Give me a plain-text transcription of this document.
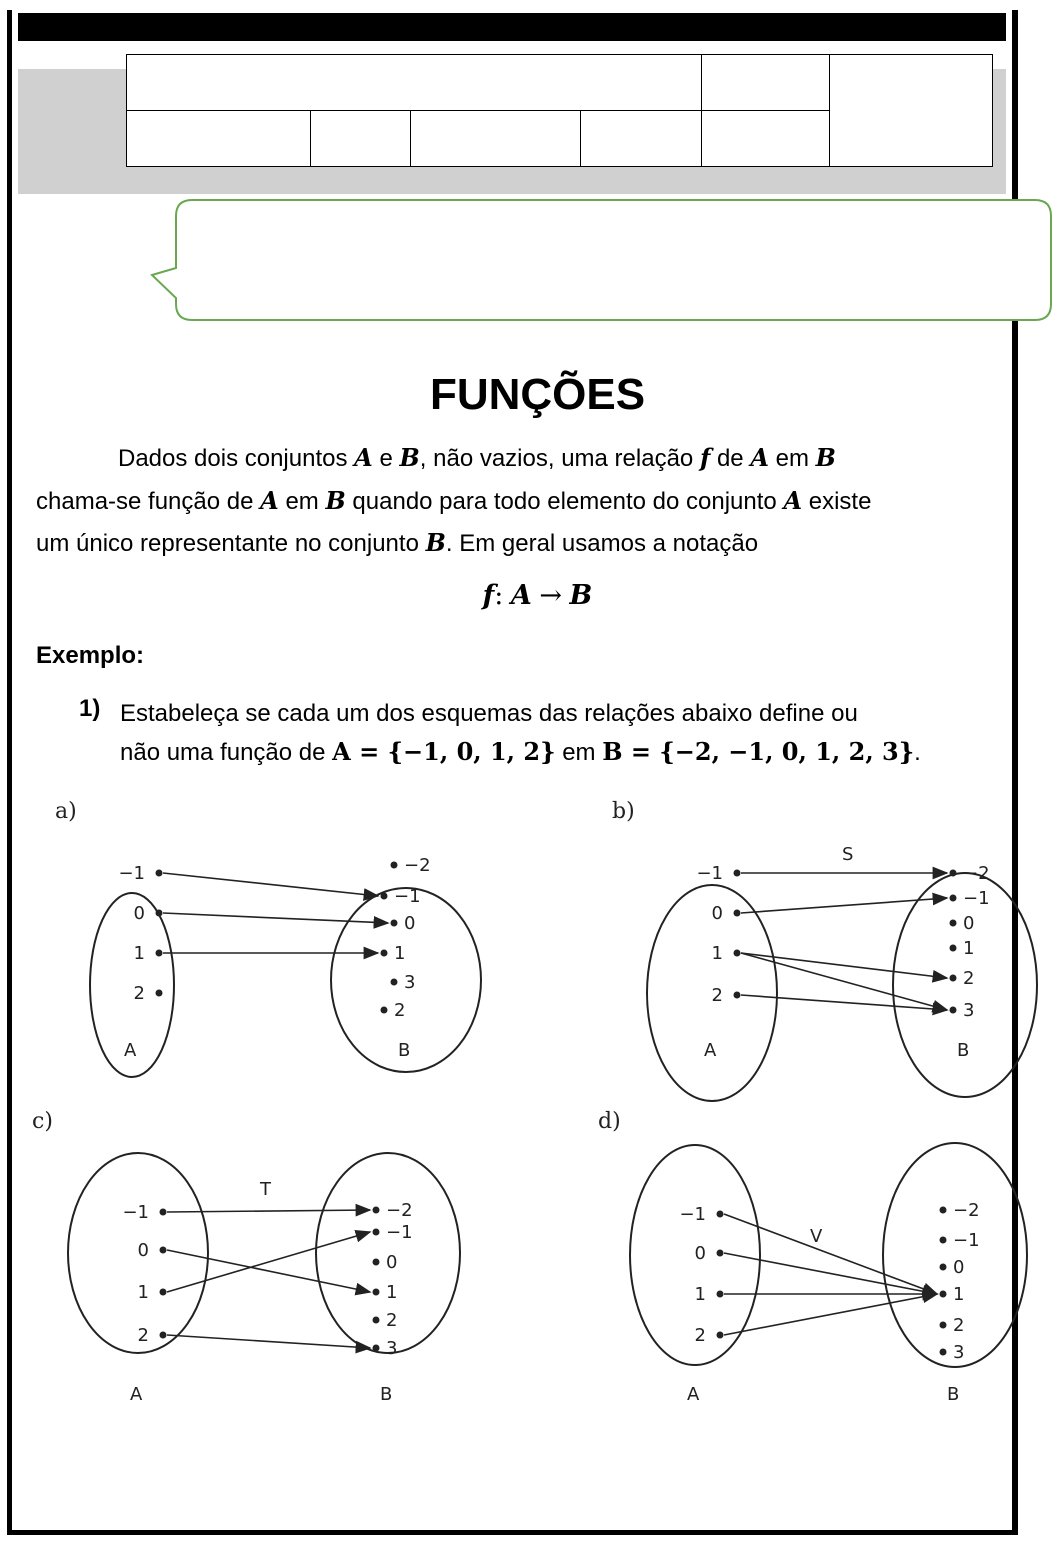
FUNÇÕES
Dados dois conjuntos A e B, não vazios, uma relação f de A em B
chama-se função de A em B quando para todo elemento do conjunto A existe
um único representante no conjunto B. Em geral usamos a notação
f: A → B
Exemplo:
1) Estabeleça se cada um dos esquemas das relações abaixo define ou
não uma função de A = {−1, 0, 1, 2} em B = {−2, −1, 0, 1, 2, 3}.
a)
A	B
−1
0
1
2
−2
−1
0
1
3
2
b)
A	B
S
−1
0
1
2
−2
−1
0
1
2
3
c)
A	B
T
−1
0
1
2
−2
−1
0
1
2
3
d)
A	B
V
−1
0
1
2
−2
−1
0
1
2
3
